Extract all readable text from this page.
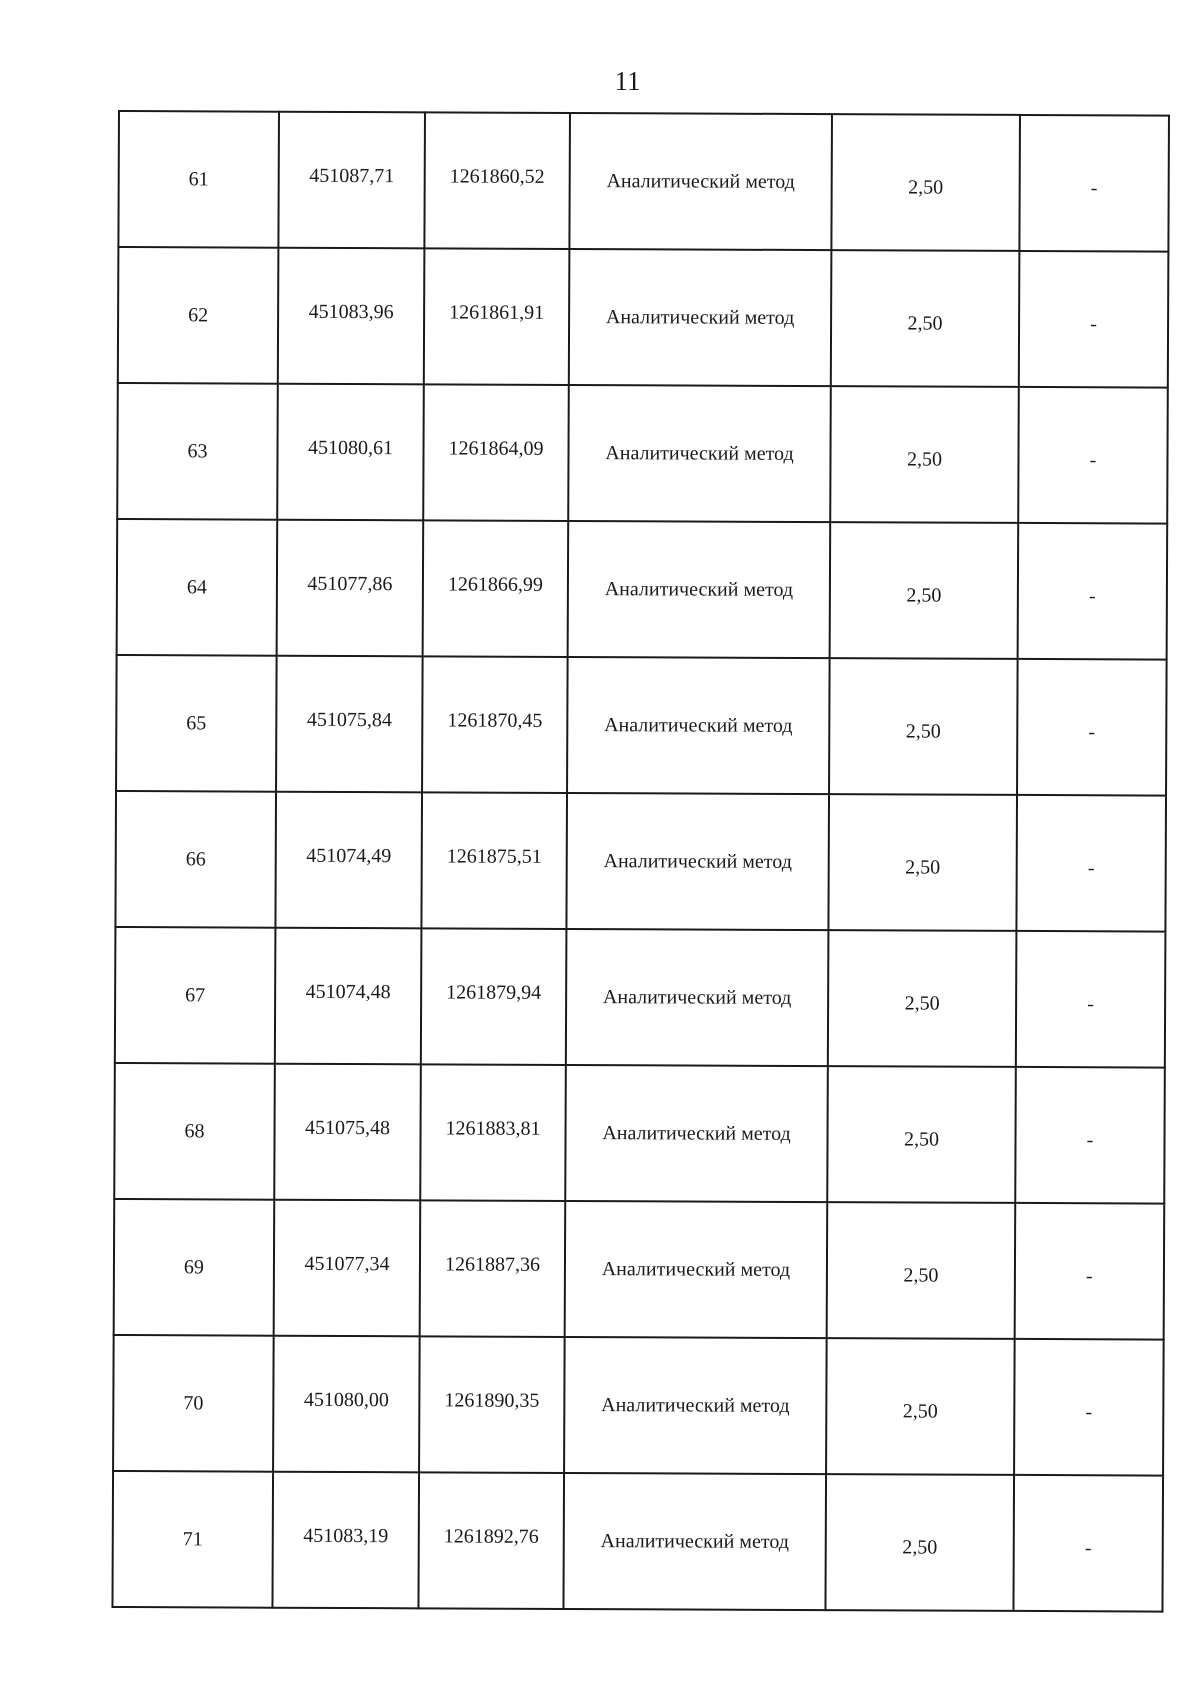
11
61	451087,71	1261860,52	Аналитический метод	2,50	-
62	451083,96	1261861,91	Аналитический метод	2,50	-
63	451080,61	1261864,09	Аналитический метод	2,50	-
64	451077,86	1261866,99	Аналитический метод	2,50	-
65	451075,84	1261870,45	Аналитический метод	2,50	-
66	451074,49	1261875,51	Аналитический метод	2,50	-
67	451074,48	1261879,94	Аналитический метод	2,50	-
68	451075,48	1261883,81	Аналитический метод	2,50	-
69	451077,34	1261887,36	Аналитический метод	2,50	-
70	451080,00	1261890,35	Аналитический метод	2,50	-
71	451083,19	1261892,76	Аналитический метод	2,50	-
